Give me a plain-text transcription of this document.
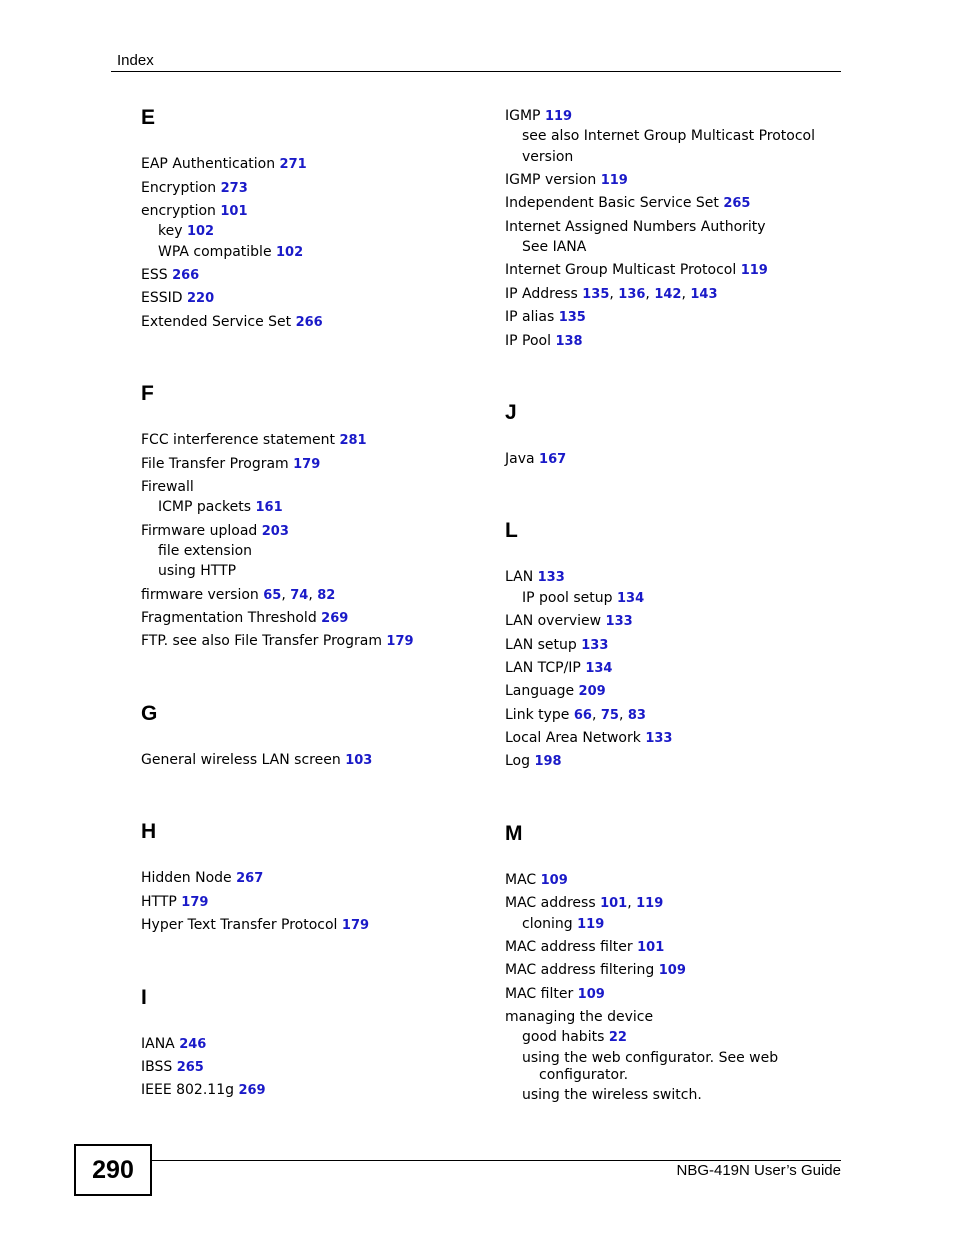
Index
E
EAP Authentication 271
Encryption 273
encryption 101
key 102
WPA compatible 102
ESS 266
ESSID 220
Extended Service Set 266
F
FCC interference statement 281
File Transfer Program 179
Firewall
ICMP packets 161
Firmware upload 203
file extension
using HTTP
firmware version 65, 74, 82
Fragmentation Threshold 269
FTP. see also File Transfer Program 179
G
General wireless LAN screen 103
H
Hidden Node 267
HTTP 179
Hyper Text Transfer Protocol 179
I
IANA 246
IBSS 265
IEEE 802.11g 269
IGMP 119
see also Internet Group Multicast Protocol
version
IGMP version 119
Independent Basic Service Set 265
Internet Assigned Numbers Authority
See IANA
Internet Group Multicast Protocol 119
IP Address 135, 136, 142, 143
IP alias 135
IP Pool 138
J
Java 167
L
LAN 133
IP pool setup 134
LAN overview 133
LAN setup 133
LAN TCP/IP 134
Language 209
Link type 66, 75, 83
Local Area Network 133
Log 198
M
MAC 109
MAC address 101, 119
cloning 119
MAC address filter 101
MAC address filtering 109
MAC filter 109
managing the device
good habits 22
using the web configurator. See web
configurator.
using the wireless switch.
290	NBG-419N User’s Guide
